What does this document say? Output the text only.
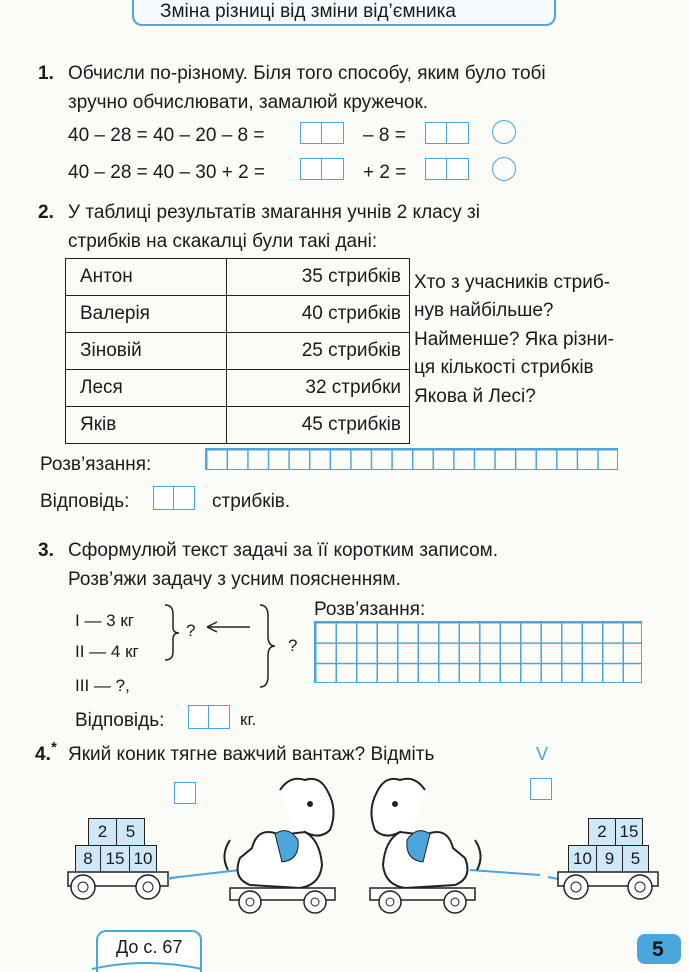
Зміна різниці від зміни від’ємника
1. Обчисли по-різному. Біля того способу, яким було тобі
зручно обчислювати, замалюй кружечок.
40 – 28 = 40 – 20 – 8 =	– 8 =
40 – 28 = 40 – 30 + 2 =	+ 2 =
2. У таблиці результатів змагання учнів 2 класу зі
стрибків на скакалці були такі дані:
Антон	35 стрибків
Валерія	40 стрибків
Зіновій	25 стрибків
Леся	32 стрибки
Яків	45 стрибків
Хто з учасників стриб-
нув найбільше?
Найменше? Яка різни-
ця кількості стрибків
Якова й Лесі?
Розв’язання:
Відповідь:	стрибків.
3. Сформулюй текст задачі за її коротким записом.
Розв’яжи задачу з усним поясненням.
I — 3 кг
II — 4 кг
III — ?,
?
?
Розв’язання:
Відповідь:	кг.
4. * Який коник тягне важчий вантаж? Відміть	V
2	5
8 15 10
2 15
10 9 5
До с. 67	5
